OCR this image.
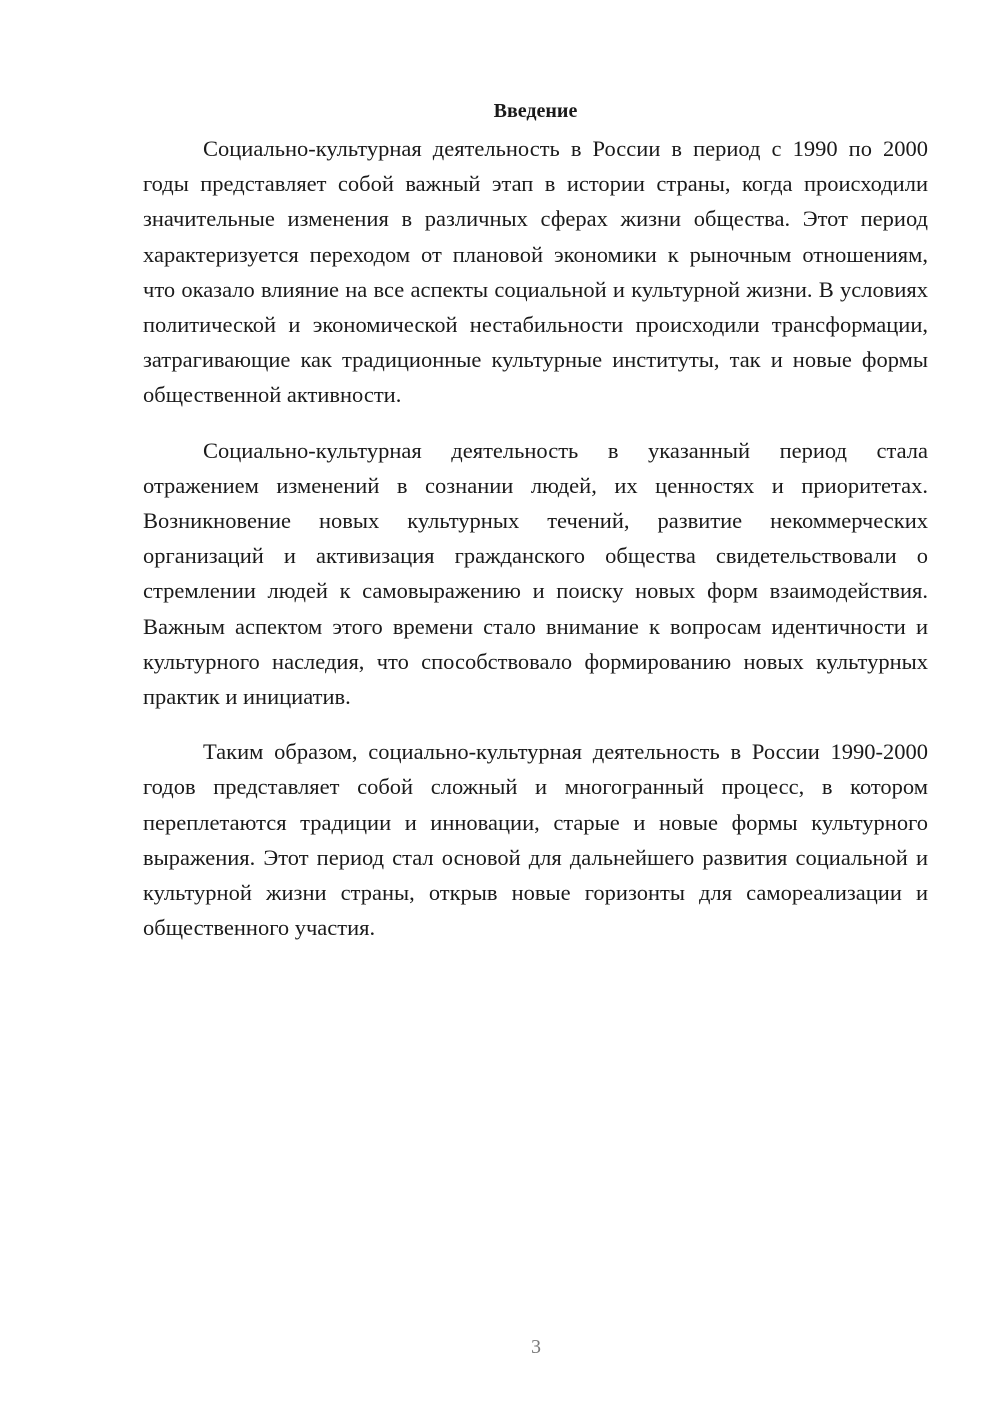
Введение

Социально-культурная деятельность в России в период с 1990 по 2000 годы представляет собой важный этап в истории страны, когда происходили значительные изменения в различных сферах жизни общества. Этот период характеризуется переходом от плановой экономики к рыночным отношениям, что оказало влияние на все аспекты социальной и культурной жизни. В условиях политической и экономической нестабильности происходили трансформации, затрагивающие как традиционные культурные институты, так и новые формы общественной активности.

Социально-культурная деятельность в указанный период стала отражением изменений в сознании людей, их ценностях и приоритетах. Возникновение новых культурных течений, развитие некоммерческих организаций и активизация гражданского общества свидетельствовали о стремлении людей к самовыражению и поиску новых форм взаимодействия. Важным аспектом этого времени стало внимание к вопросам идентичности и культурного наследия, что способствовало формированию новых культурных практик и инициатив.

Таким образом, социально-культурная деятельность в России 1990-2000 годов представляет собой сложный и многогранный процесс, в котором переплетаются традиции и инновации, старые и новые формы культурного выражения. Этот период стал основой для дальнейшего развития социальной и культурной жизни страны, открыв новые горизонты для самореализации и общественного участия.

3
